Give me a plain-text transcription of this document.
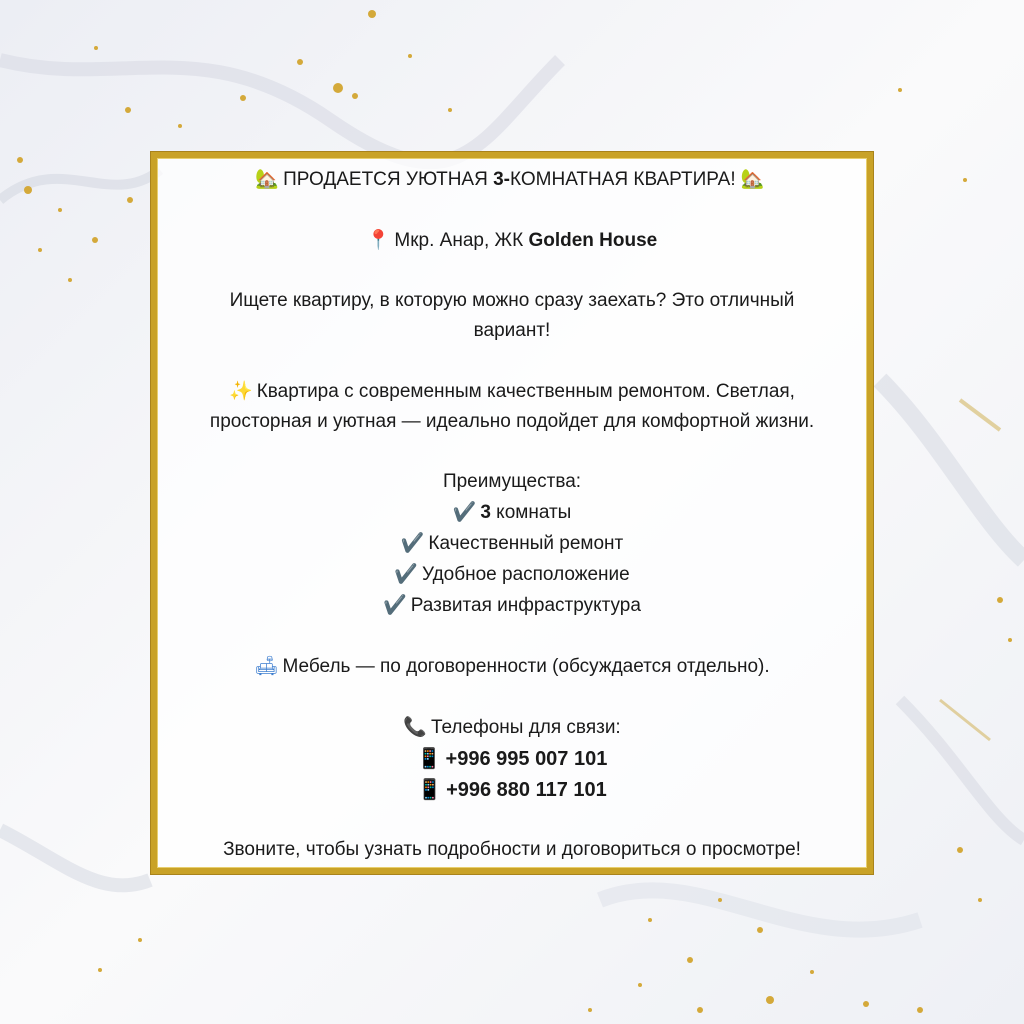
🏡 ПРОДАЕТСЯ УЮТНАЯ 3-КОМНАТНАЯ КВАРТИРА! 🏡
📍 Мкр. Анар, ЖК Golden House
Ищете квартиру, в которую можно сразу заехать? Это отличный
вариант!
✨ Квартира с современным качественным ремонтом. Светлая,
просторная и уютная — идеально подойдет для комфортной жизни.
Преимущества:
✔️ 3 комнаты
✔️ Качественный ремонт
✔️ Удобное расположение
✔️ Развитая инфраструктура
🛋 Мебель — по договоренности (обсуждается отдельно).
📞 Телефоны для связи:
📱 +996 995 007 101
📱 +996 880 117 101
Звоните, чтобы узнать подробности и договориться о просмотре!
